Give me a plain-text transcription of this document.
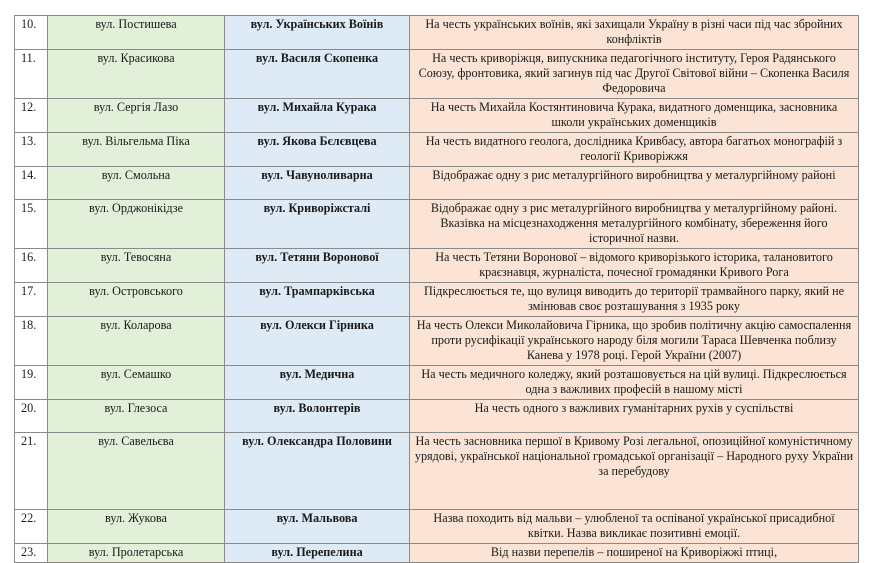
10.	вул. Постишева	вул. Українських Воїнів	На честь українських воїнів, які захищали Україну в різні часи під час збройних конфліктів
11.	вул. Красикова	вул. Василя Скопенка	На честь криворіжця, випускника педагогічного інституту, Героя Радянського Союзу, фронтовика, який загинув під час Другої Світової війни – Скопенка Василя Федоровича
12.	вул. Сергія Лазо	вул. Михайла Курака	На честь Михайла Костянтиновича Курака, видатного доменщика, засновника школи українських доменщиків
13.	вул. Вільгельма Піка	вул. Якова Бєлєвцева	На честь видатного геолога, дослідника Кривбасу, автора багатьох монографій з геології Криворіжжя
14.	вул. Смольна	вул. Чавуноливарна	Відображає одну з рис металургійного виробництва у металургійному районі
15.	вул. Орджонікідзе	вул. Криворіжсталі	Відображає одну з рис металургійного виробництва у металургійному районі. Вказівка на місцезнаходження металургійного комбінату, збереження його історичної назви.
16.	вул. Тевосяна	вул. Тетяни Воронової	На честь Тетяни Воронової – відомого криворізького історика, талановитого краєзнавця, журналіста, почесної громадянки Кривого Рога
17.	вул. Островського	вул. Трампарківська	Підкреслюється те, що вулиця виводить до території трамвайного парку, який не змінював своє розташування з 1935 року
18.	вул. Коларова	вул. Олекси Гірника	На честь Олекси Миколайовича Гірника, що зробив політичну акцію самоспалення проти русифікації українського народу біля могили Тараса Шевченка поблизу Канева у 1978 році. Герой України (2007)
19.	вул. Семашко	вул. Медична	На честь медичного коледжу, який розташовується на цій вулиці. Підкреслюється одна з важливих професій в нашому місті
20.	вул. Глезоса	вул. Волонтерів	На честь одного з важливих гуманітарних рухів у суспільстві
21.	вул. Савельєва	вул. Олександра Половини	На честь засновника першої в Кривому Розі легальної, опозиційної комуністичному урядові, української національної громадської організації – Народного руху України за перебудову
22.	вул. Жукова	вул. Мальвова	Назва походить від мальви – улюбленої та оспіваної української присадибної квітки. Назва викликає позитивні емоції.
23.	вул. Пролетарська	вул. Перепелина	Від назви перепелів – поширеної на Криворіжжі птиці,
